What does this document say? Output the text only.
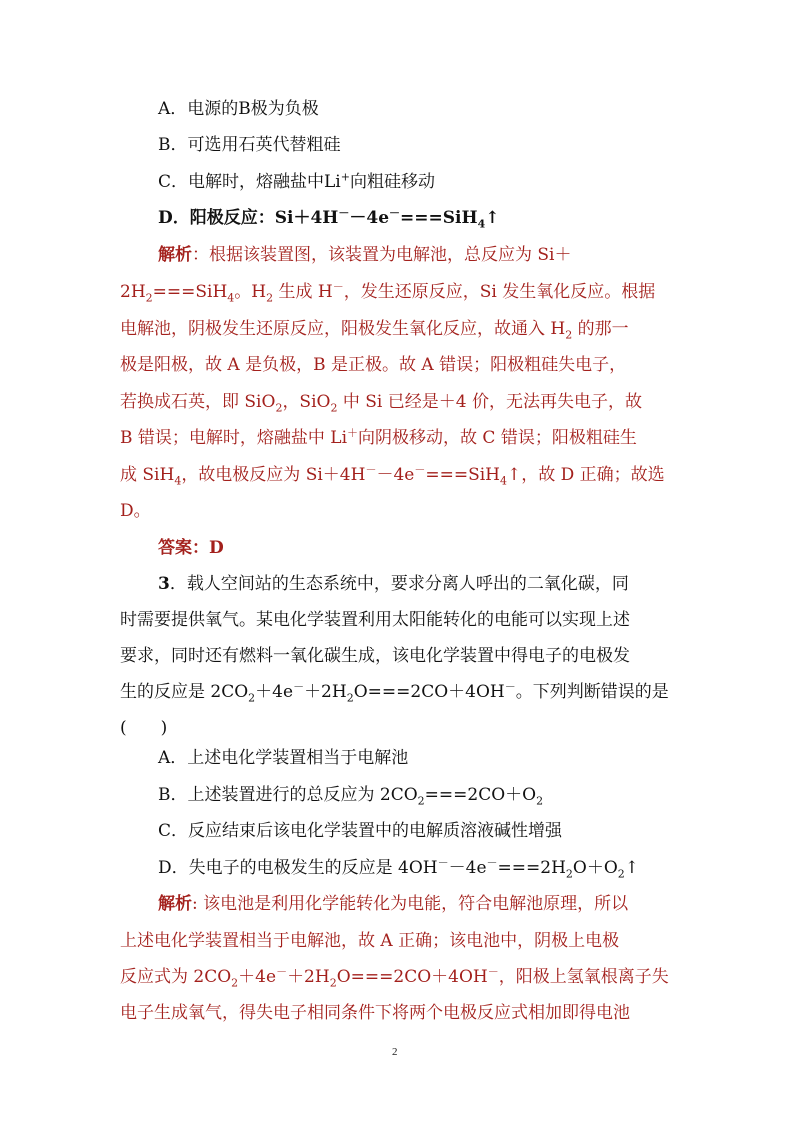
A．电源的B极为负极
B．可选用石英代替粗硅
C．电解时，熔融盐中Li+向粗硅移动
D．阳极反应：Si＋4H－－4e－===SiH$_4$↑
解析：根据该装置图，该装置为电解池，总反应为 Si＋
$2H_2===SiH_4$。$H_2$ 生成 H－，发生还原反应，Si 发生氧化反应。根据
电解池，阴极发生还原反应，阳极发生氧化反应，故通入 $H_2$ 的那一
极是阳极，故 A 是负极，B 是正极。故 A 错误；阳极粗硅失电子，
若换成石英，即 SiO$_2$，SiO$_2$ 中 Si 已经是＋4 价，无法再失电子，故
B 错误；电解时，熔融盐中 Li＋向阴极移动，故 C 错误；阳极粗硅生
成 SiH$_4$，故电极反应为 Si＋4H－－4e－===SiH$_4$↑，故 D 正确；故选
D。
答案：D
3．载人空间站的生态系统中，要求分离人呼出的二氧化碳，同
时需要提供氧气。某电化学装置利用太阳能转化的电能可以实现上述
要求，同时还有燃料一氧化碳生成，该电化学装置中得电子的电极发
生的反应是 $2CO_2+4e^-+2H_2O===2CO+4OH^-$。下列判断错误的是
(　　)
A．上述电化学装置相当于电解池
B．上述装置进行的总反应为 $2CO_2===2CO+O_2$
C．反应结束后该电化学装置中的电解质溶液碱性增强
D．失电子的电极发生的反应是 $4OH^--4e^-===2H_2O+O_2↑$
解析: 该电池是利用化学能转化为电能，符合电解池原理，所以
上述电化学装置相当于电解池，故 A 正确；该电池中，阴极上电极
反应式为 $2CO_2+4e^-+2H_2O===2CO+4OH^-$，阳极上氢氧根离子失
电子生成氧气，得失电子相同条件下将两个电极反应式相加即得电池
2
